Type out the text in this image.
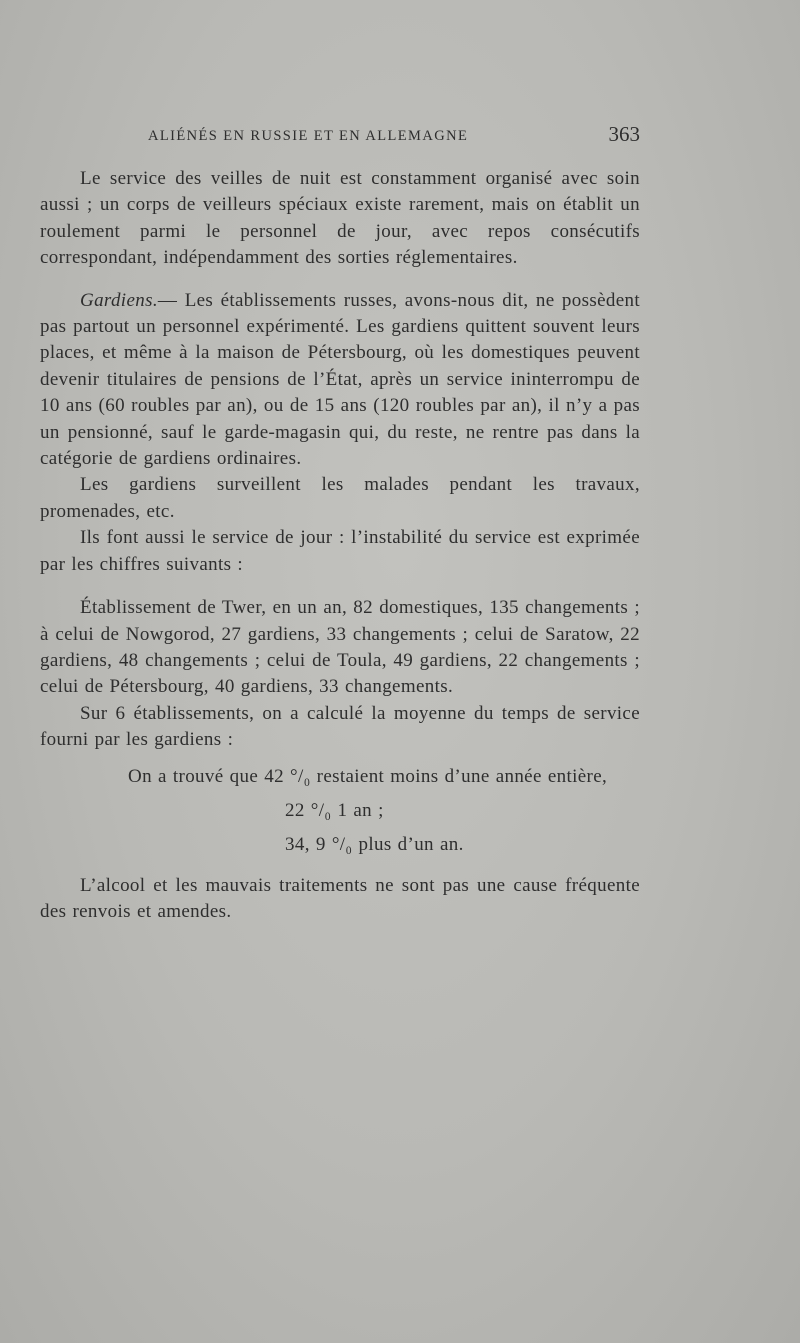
ALIÉNÉS EN RUSSIE ET EN ALLEMAGNE	363

Le service des veilles de nuit est constamment organisé avec soin aussi ; un corps de veilleurs spéciaux existe rarement, mais on établit un roulement parmi le personnel de jour, avec repos consécutifs correspondant, indépendamment des sorties réglementaires.

Gardiens.— Les établissements russes, avons-nous dit, ne possèdent pas partout un personnel expérimenté. Les gardiens quittent souvent leurs places, et même à la maison de Pétersbourg, où les domestiques peuvent devenir titulaires de pensions de l’État, après un service ininterrompu de 10 ans (60 roubles par an), ou de 15 ans (120 roubles par an), il n’y a pas un pensionné, sauf le garde-magasin qui, du reste, ne rentre pas dans la catégorie de gardiens ordinaires.

Les gardiens surveillent les malades pendant les travaux, promenades, etc.

Ils font aussi le service de jour : l’instabilité du service est exprimée par les chiffres suivants :

Établissement de Twer, en un an, 82 domestiques, 135 changements ; à celui de Nowgorod, 27 gardiens, 33 changements ; celui de Saratow, 22 gardiens, 48 changements ; celui de Toula, 49 gardiens, 22 changements ; celui de Pétersbourg, 40 gardiens, 33 changements.

Sur 6 établissements, on a calculé la moyenne du temps de service fourni par les gardiens :

On a trouvé que 42 °/₀ restaient moins d’une année entière,

22 °/₀ 1 an ;

34, 9 °/₀ plus d’un an.

L’alcool et les mauvais traitements ne sont pas une cause fréquente des renvois et amendes.
